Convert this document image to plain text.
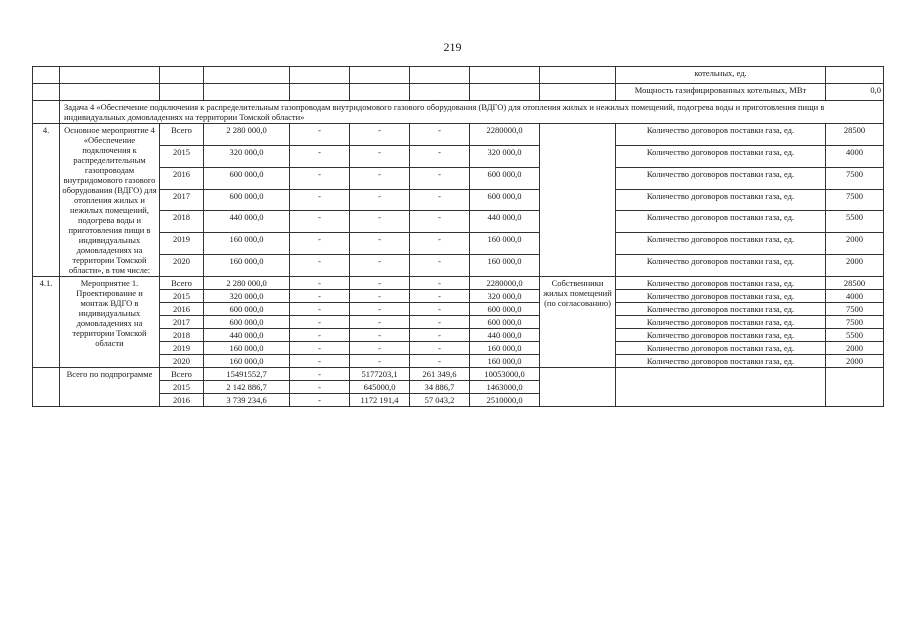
219
									котельных, ед.	
									Мощность газифицированных котельных, МВт	0,0
	Задача 4 «Обеспечение подключения к распределительным газопроводам внутридомового газового оборудования (ВДГО) для отопления жилых и нежилых помещений, подогрева воды и приготовления пищи в индивидуальных домовладениях на территории Томской области»									
4.	Основное мероприятие 4 «Обеспечение подключения к распределительным газопроводам внутридомового газового оборудования (ВДГО) для отопления жилых и нежилых помещений, подогрева воды и приготовления пищи в индивидуальных домовладениях на территории Томской области», в том числе:	Всего	2 280 000,0	-	-	-	2280000,0		Количество договоров поставки газа, ед.	28500
		2015	320 000,0	-	-	-	320 000,0		Количество договоров поставки газа, ед.	4000
		2016	600 000,0	-	-	-	600 000,0		Количество договоров поставки газа, ед.	7500
		2017	600 000,0	-	-	-	600 000,0		Количество договоров поставки газа, ед.	7500
		2018	440 000,0	-	-	-	440 000,0		Количество договоров поставки газа, ед.	5500
		2019	160 000,0	-	-	-	160 000,0		Количество договоров поставки газа, ед.	2000
		2020	160 000,0	-	-	-	160 000,0		Количество договоров поставки газа, ед.	2000
4.1.	Мероприятие 1. Проектирование и монтаж ВДГО в индивидуальных домовладениях на территории Томской области	Всего	2 280 000,0	-	-	-	2280000,0	Собственники жилых помещений (по согласованию)	Количество договоров поставки газа, ед.	28500
		2015	320 000,0	-	-	-	320 000,0		Количество договоров поставки газа, ед.	4000
		2016	600 000,0	-	-	-	600 000,0		Количество договоров поставки газа, ед.	7500
		2017	600 000,0	-	-	-	600 000,0		Количество договоров поставки газа, ед.	7500
		2018	440 000,0	-	-	-	440 000,0		Количество договоров поставки газа, ед.	5500
		2019	160 000,0	-	-	-	160 000,0		Количество договоров поставки газа, ед.	2000
		2020	160 000,0	-	-	-	160 000,0		Количество договоров поставки газа, ед.	2000
	Всего по подпрограмме	Всего	15491552,7	-	5177203,1	261 349,6	10053000,0			
		2015	2 142 886,7	-	645000,0	34 886,7	1463000,0			
		2016	3 739 234,6	-	1172 191,4	57 043,2	2510000,0			
